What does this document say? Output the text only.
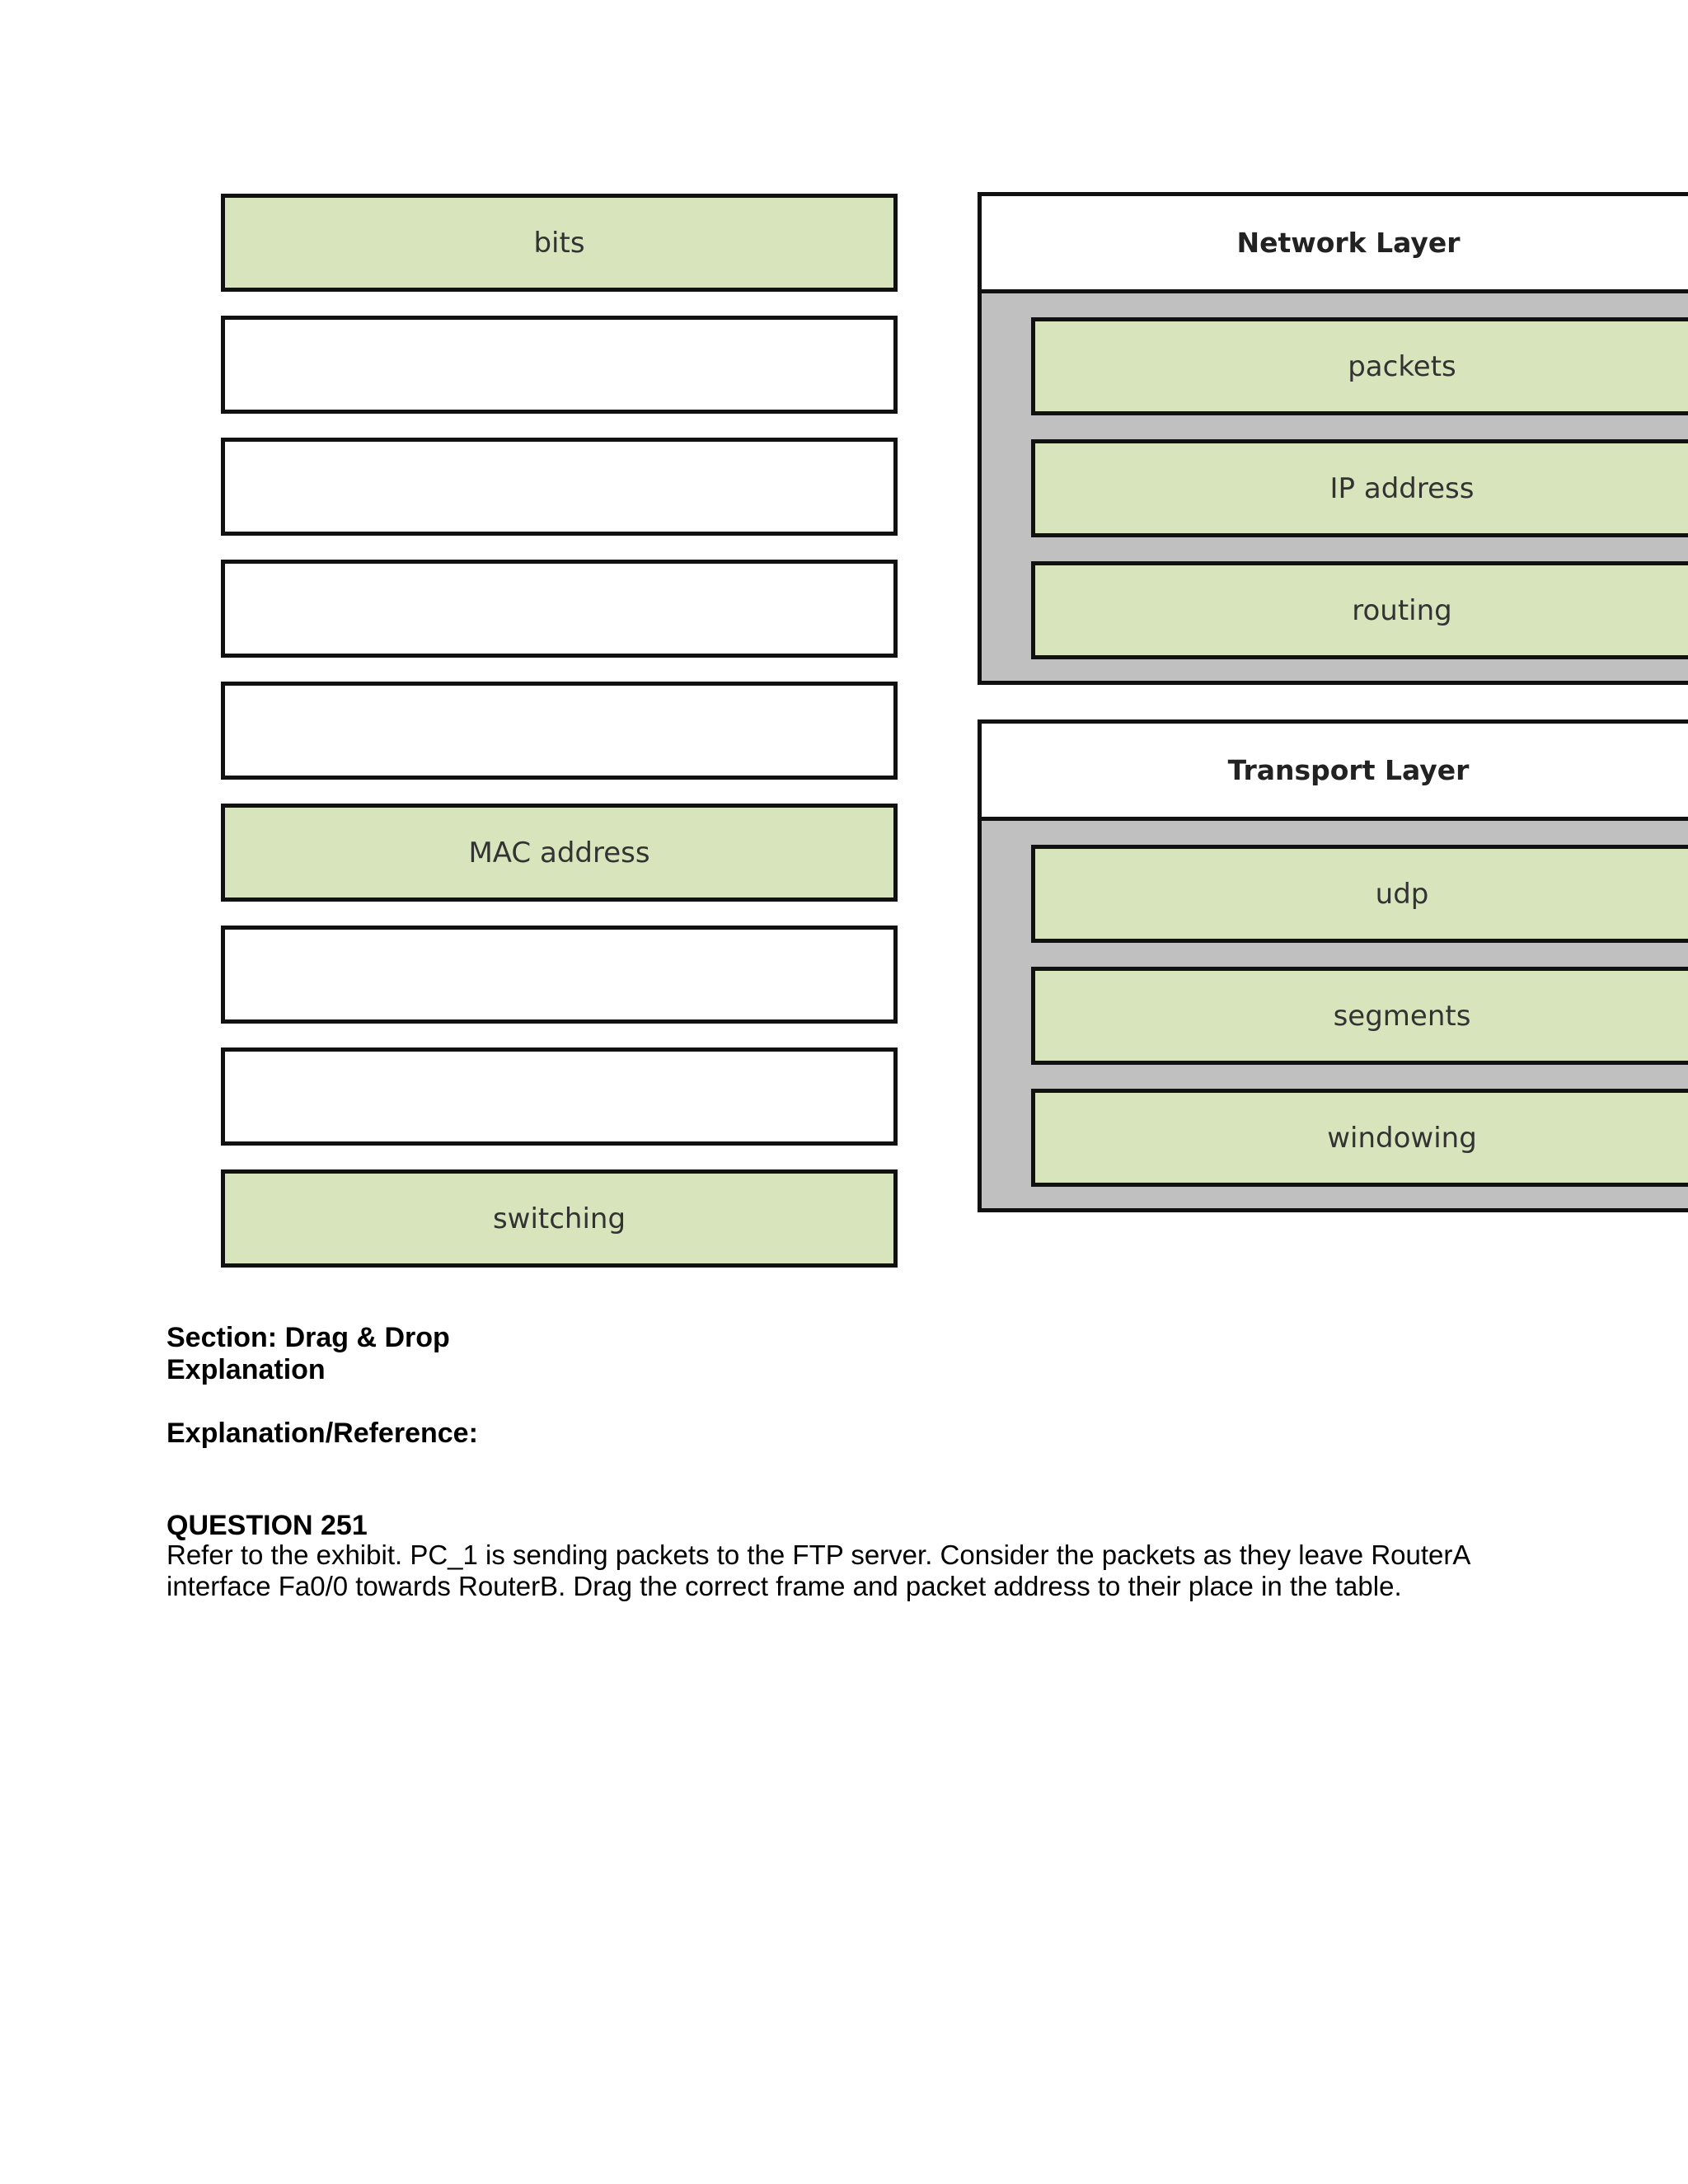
bits
MAC address
switching
Network Layer
packets
IP address
routing
Transport Layer
udp
segments
windowing
Section: Drag & Drop
Explanation
Explanation/Reference:
QUESTION 251
Refer to the exhibit. PC_1 is sending packets to the FTP server. Consider the packets as they leave RouterA
interface Fa0/0 towards RouterB. Drag the correct frame and packet address to their place in the table.
